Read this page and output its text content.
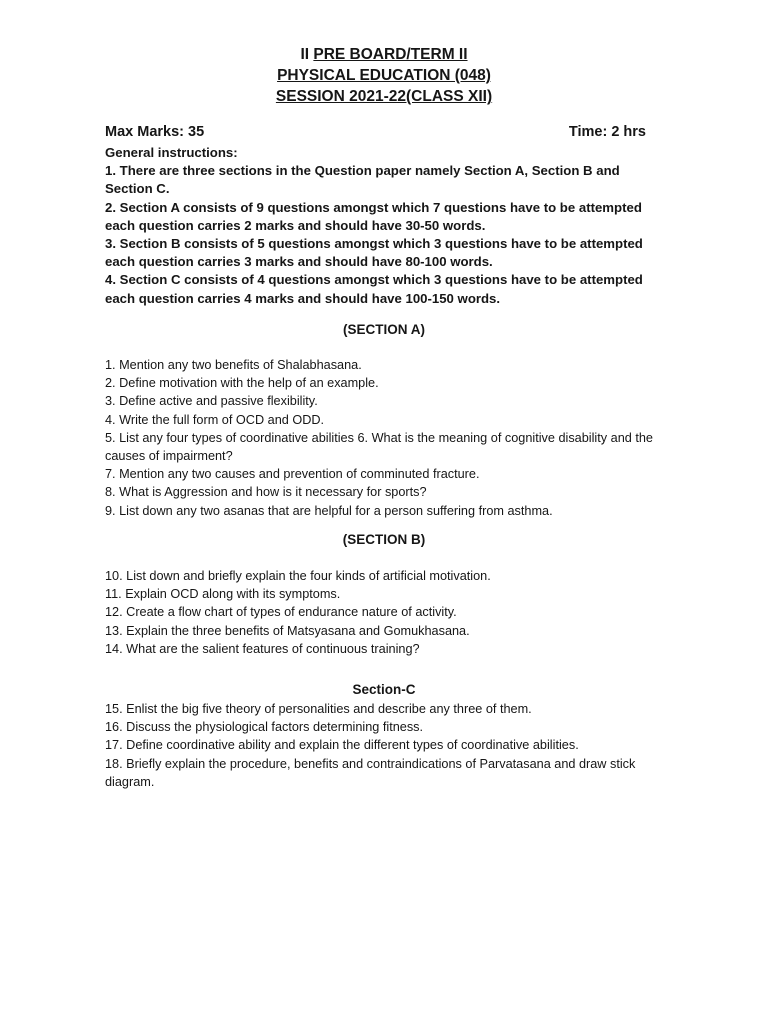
II PRE BOARD/TERM II

PHYSICAL EDUCATION (048)

SESSION 2021-22(CLASS XII)

Max Marks: 35	Time: 2 hrs

General instructions:

1. There are three sections in the Question paper namely Section A, Section B and Section C.

2. Section A consists of 9 questions amongst which 7 questions have to be attempted each question carries 2 marks and should have 30-50 words.

3. Section B consists of 5 questions amongst which 3 questions have to be attempted each question carries 3 marks and should have 80-100 words.

4. Section C consists of 4 questions amongst which 3 questions have to be attempted each question carries 4 marks and should have 100-150 words.

(SECTION A)

1. Mention any two benefits of Shalabhasana.

2. Define motivation with the help of an example.

3. Define active and passive flexibility.

4. Write the full form of OCD and ODD.

5. List any four types of coordinative abilities 6. What is the meaning of cognitive disability and the causes of impairment?

7. Mention any two causes and prevention of comminuted fracture.

8. What is Aggression and how is it necessary for sports?

9. List down any two asanas that are helpful for a person suffering from asthma.

(SECTION B)

10. List down and briefly explain the four kinds of artificial motivation.

11. Explain OCD along with its symptoms.

12. Create a flow chart of types of endurance nature of activity.

13. Explain the three benefits of Matsyasana and Gomukhasana.

14. What are the salient features of continuous training?

Section-C

15. Enlist the big five theory of personalities and describe any three of them.

16. Discuss the physiological factors determining fitness.

17. Define coordinative ability and explain the different types of coordinative abilities.

18. Briefly explain the procedure, benefits and contraindications of Parvatasana and draw stick diagram.
